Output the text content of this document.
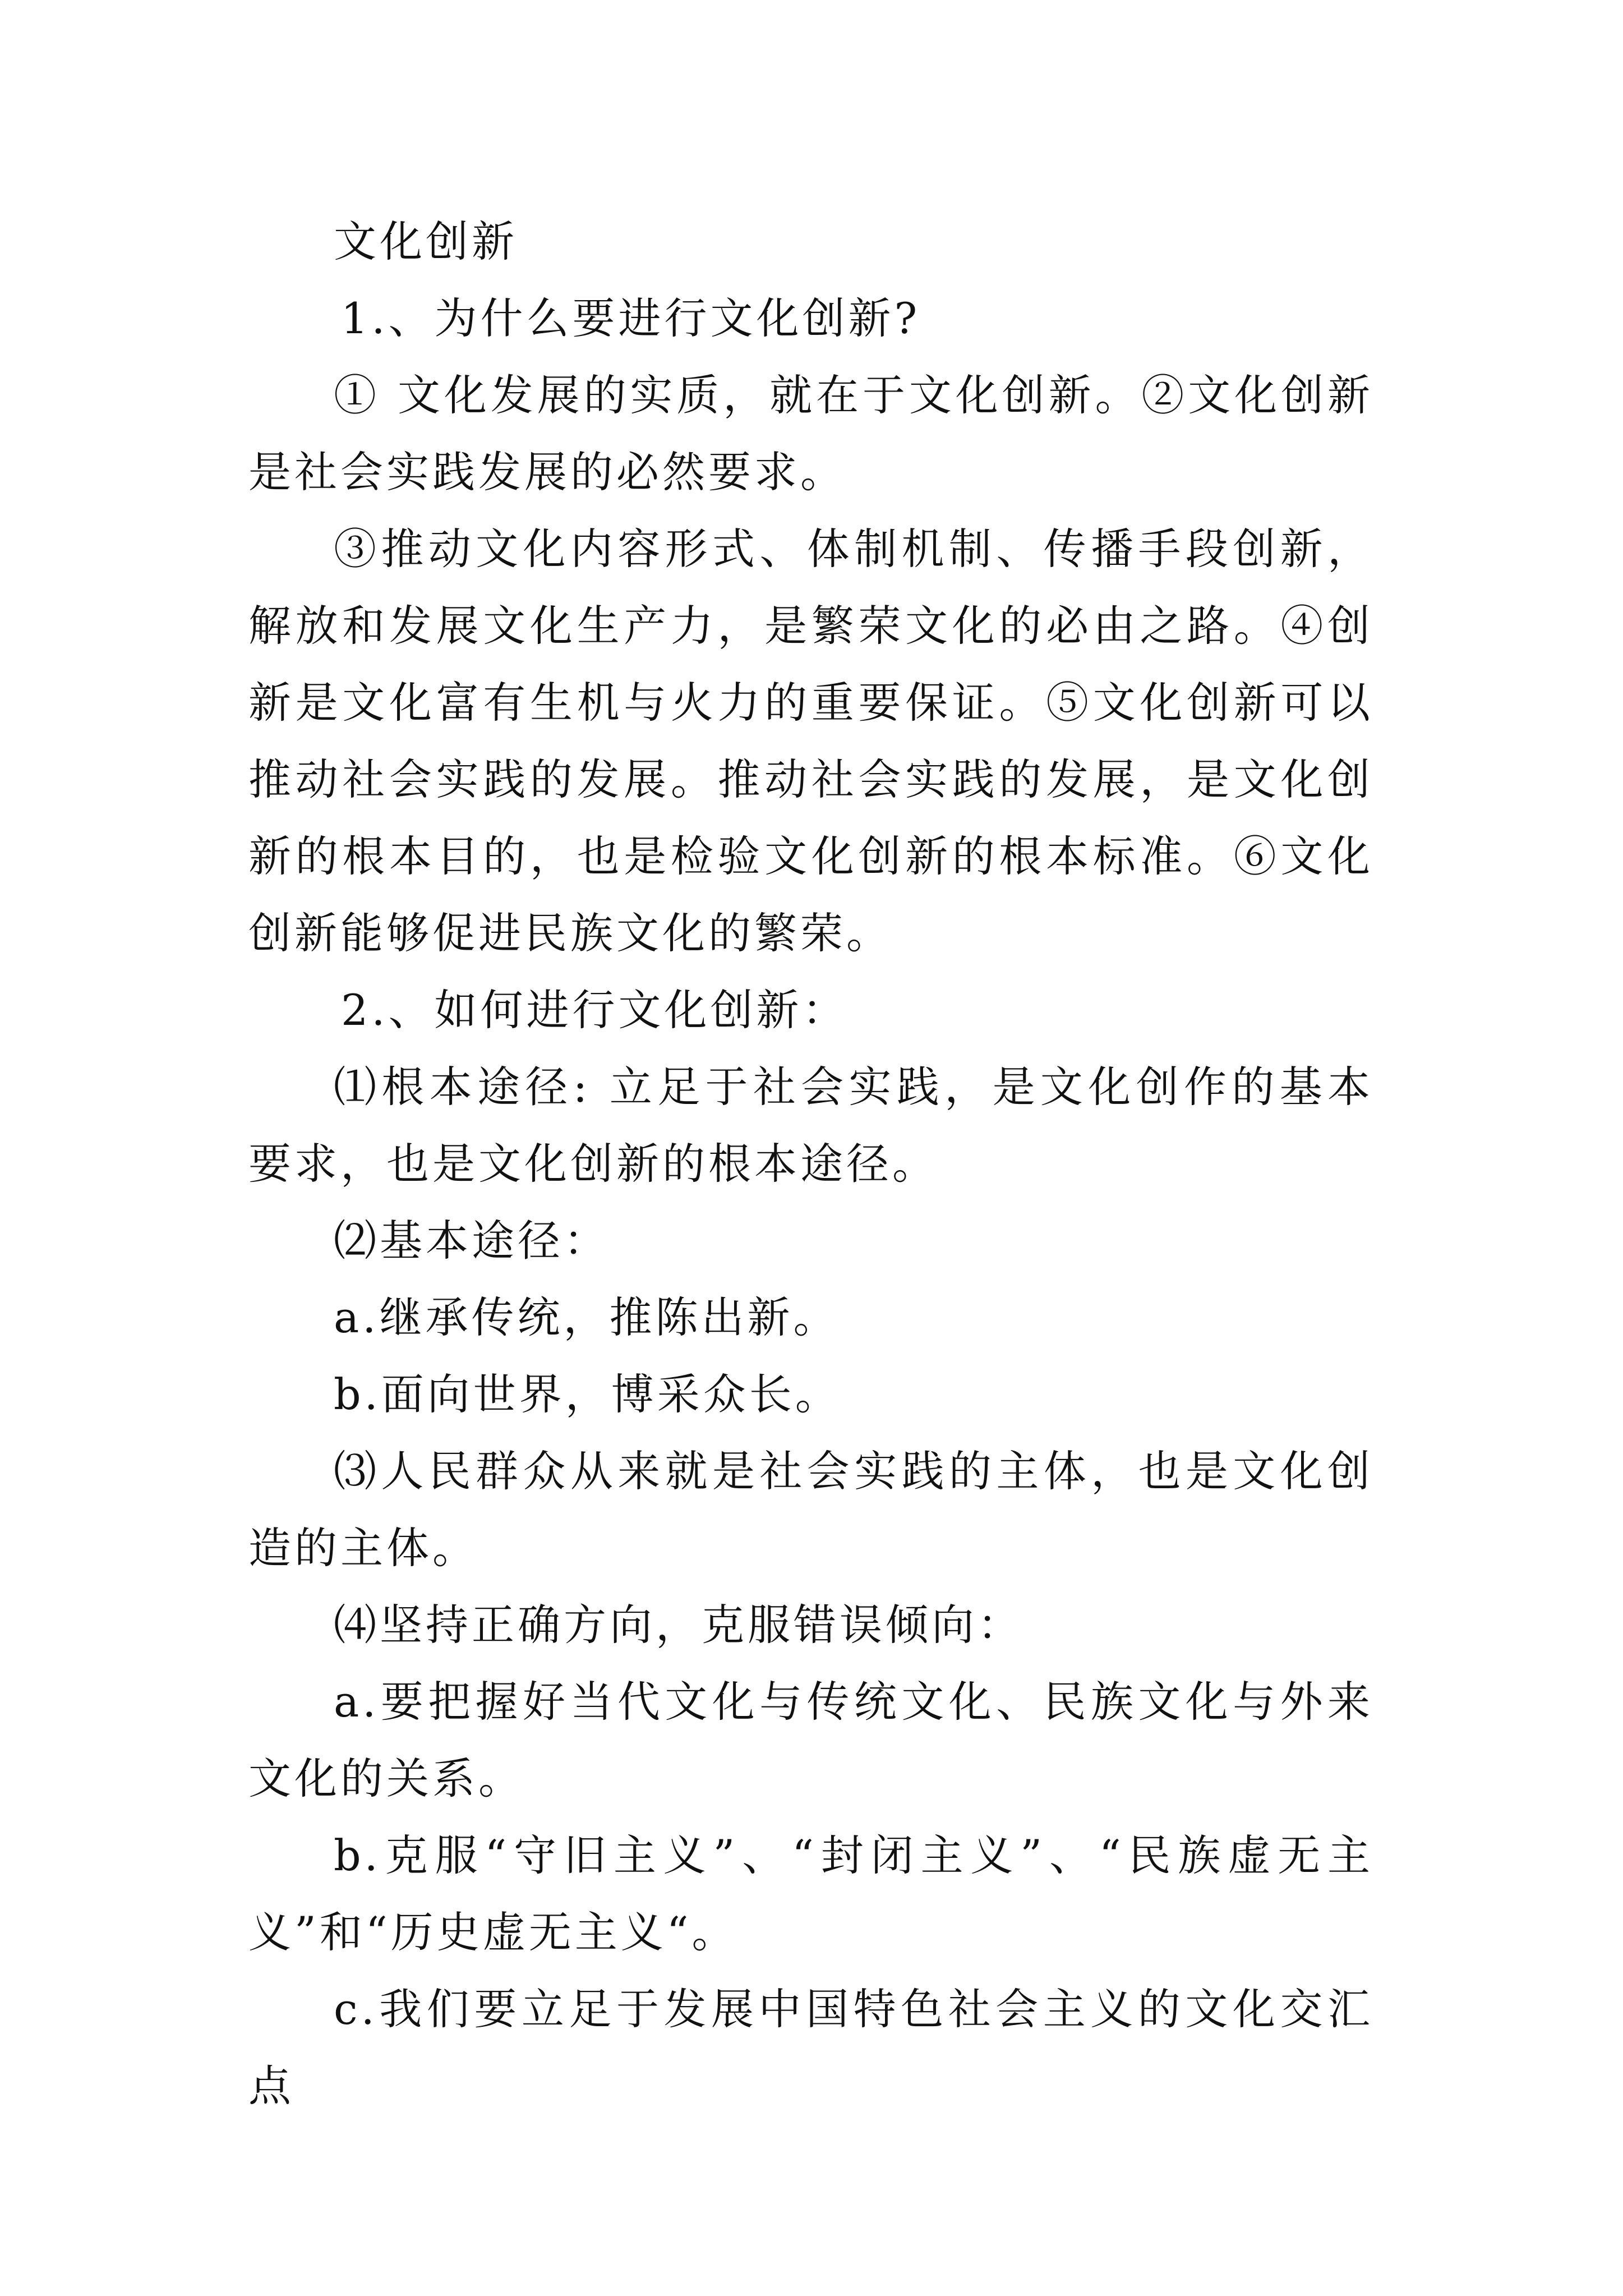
文化创新

1.、为什么要进行文化创新?

① 文化发展的实质，就在于文化创新。②文化创新是社会实践发展的必然要求。

③推动文化内容形式、体制机制、传播手段创新，解放和发展文化生产力，是繁荣文化的必由之路。④创新是文化富有生机与火力的重要保证。⑤文化创新可以推动社会实践的发展。推动社会实践的发展，是文化创新的根本目的，也是检验文化创新的根本标准。⑥文化创新能够促进民族文化的繁荣。

2.、如何进行文化创新：

⑴根本途径: 立足于社会实践，是文化创作的基本要求，也是文化创新的根本途径。

⑵基本途径：

a.继承传统，推陈出新。

b.面向世界，博采众长。

⑶人民群众从来就是社会实践的主体，也是文化创造的主体。

⑷坚持正确方向，克服错误倾向：

a.要把握好当代文化与传统文化、民族文化与外来文化的关系。

b.克服“守旧主义”、“封闭主义”、“民族虚无主义”和“历史虚无主义“。

c.我们要立足于发展中国特色社会主义的文化交汇点
